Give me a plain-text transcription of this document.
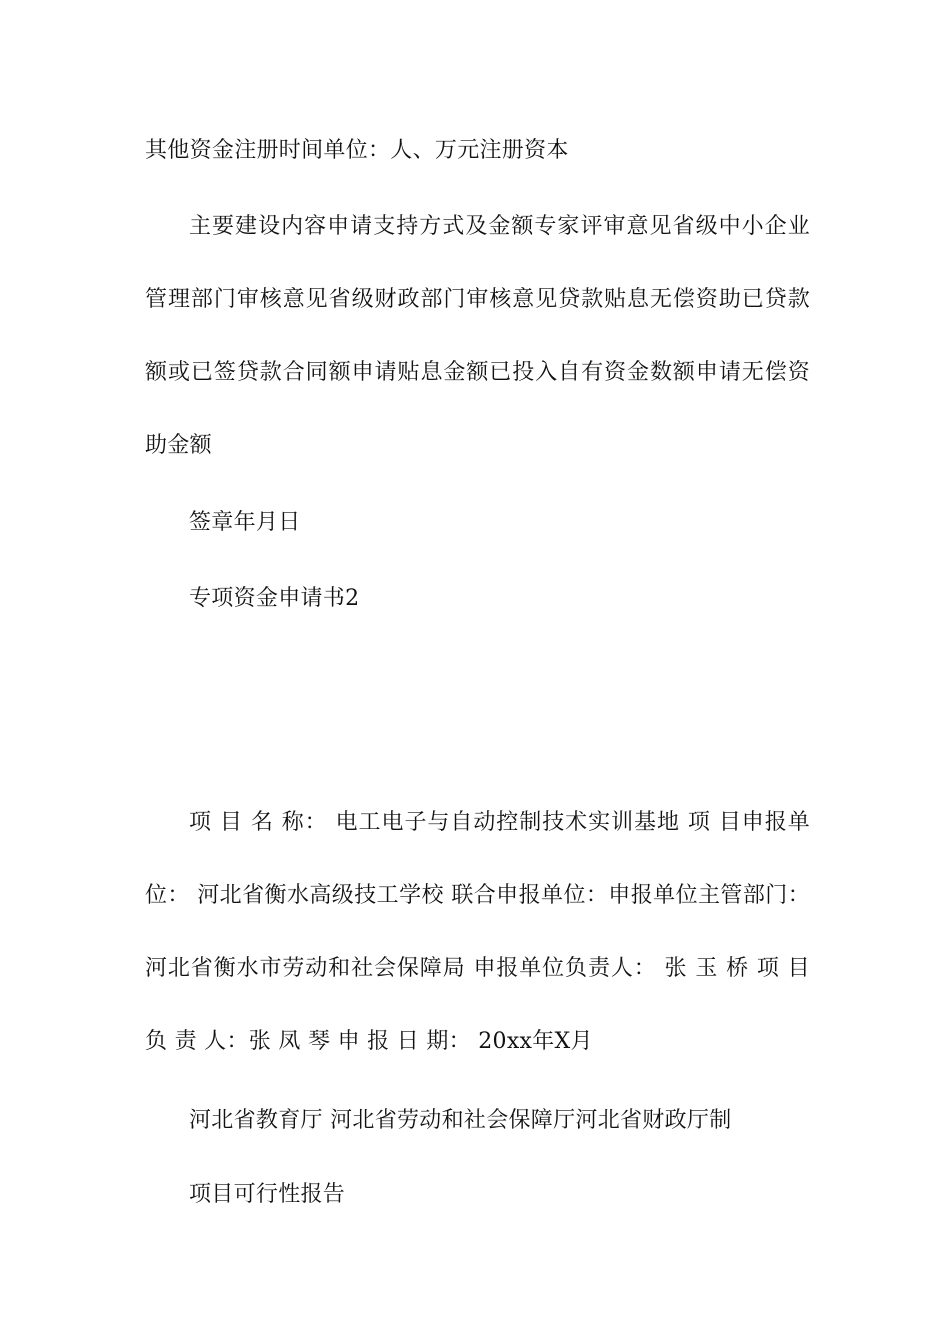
其他资金注册时间单位：人、万元注册资本

主要建设内容申请支持方式及金额专家评审意见省级中小企业管理部门审核意见省级财政部门审核意见贷款贴息无偿资助已贷款额或已签贷款合同额申请贴息金额已投入自有资金数额申请无偿资助金额

签章年月日

专项资金申请书2

项 目 名 称： 电工电子与自动控制技术实训基地 项 目申报单位： 河北省衡水高级技工学校 联合申报单位：申报单位主管部门：河北省衡水市劳动和社会保障局 申报单位负责人： 张 玉 桥 项 目 负 责 人：张 凤 琴 申 报 日 期： 20xx年X月

河北省教育厅 河北省劳动和社会保障厅河北省财政厅制

项目可行性报告
